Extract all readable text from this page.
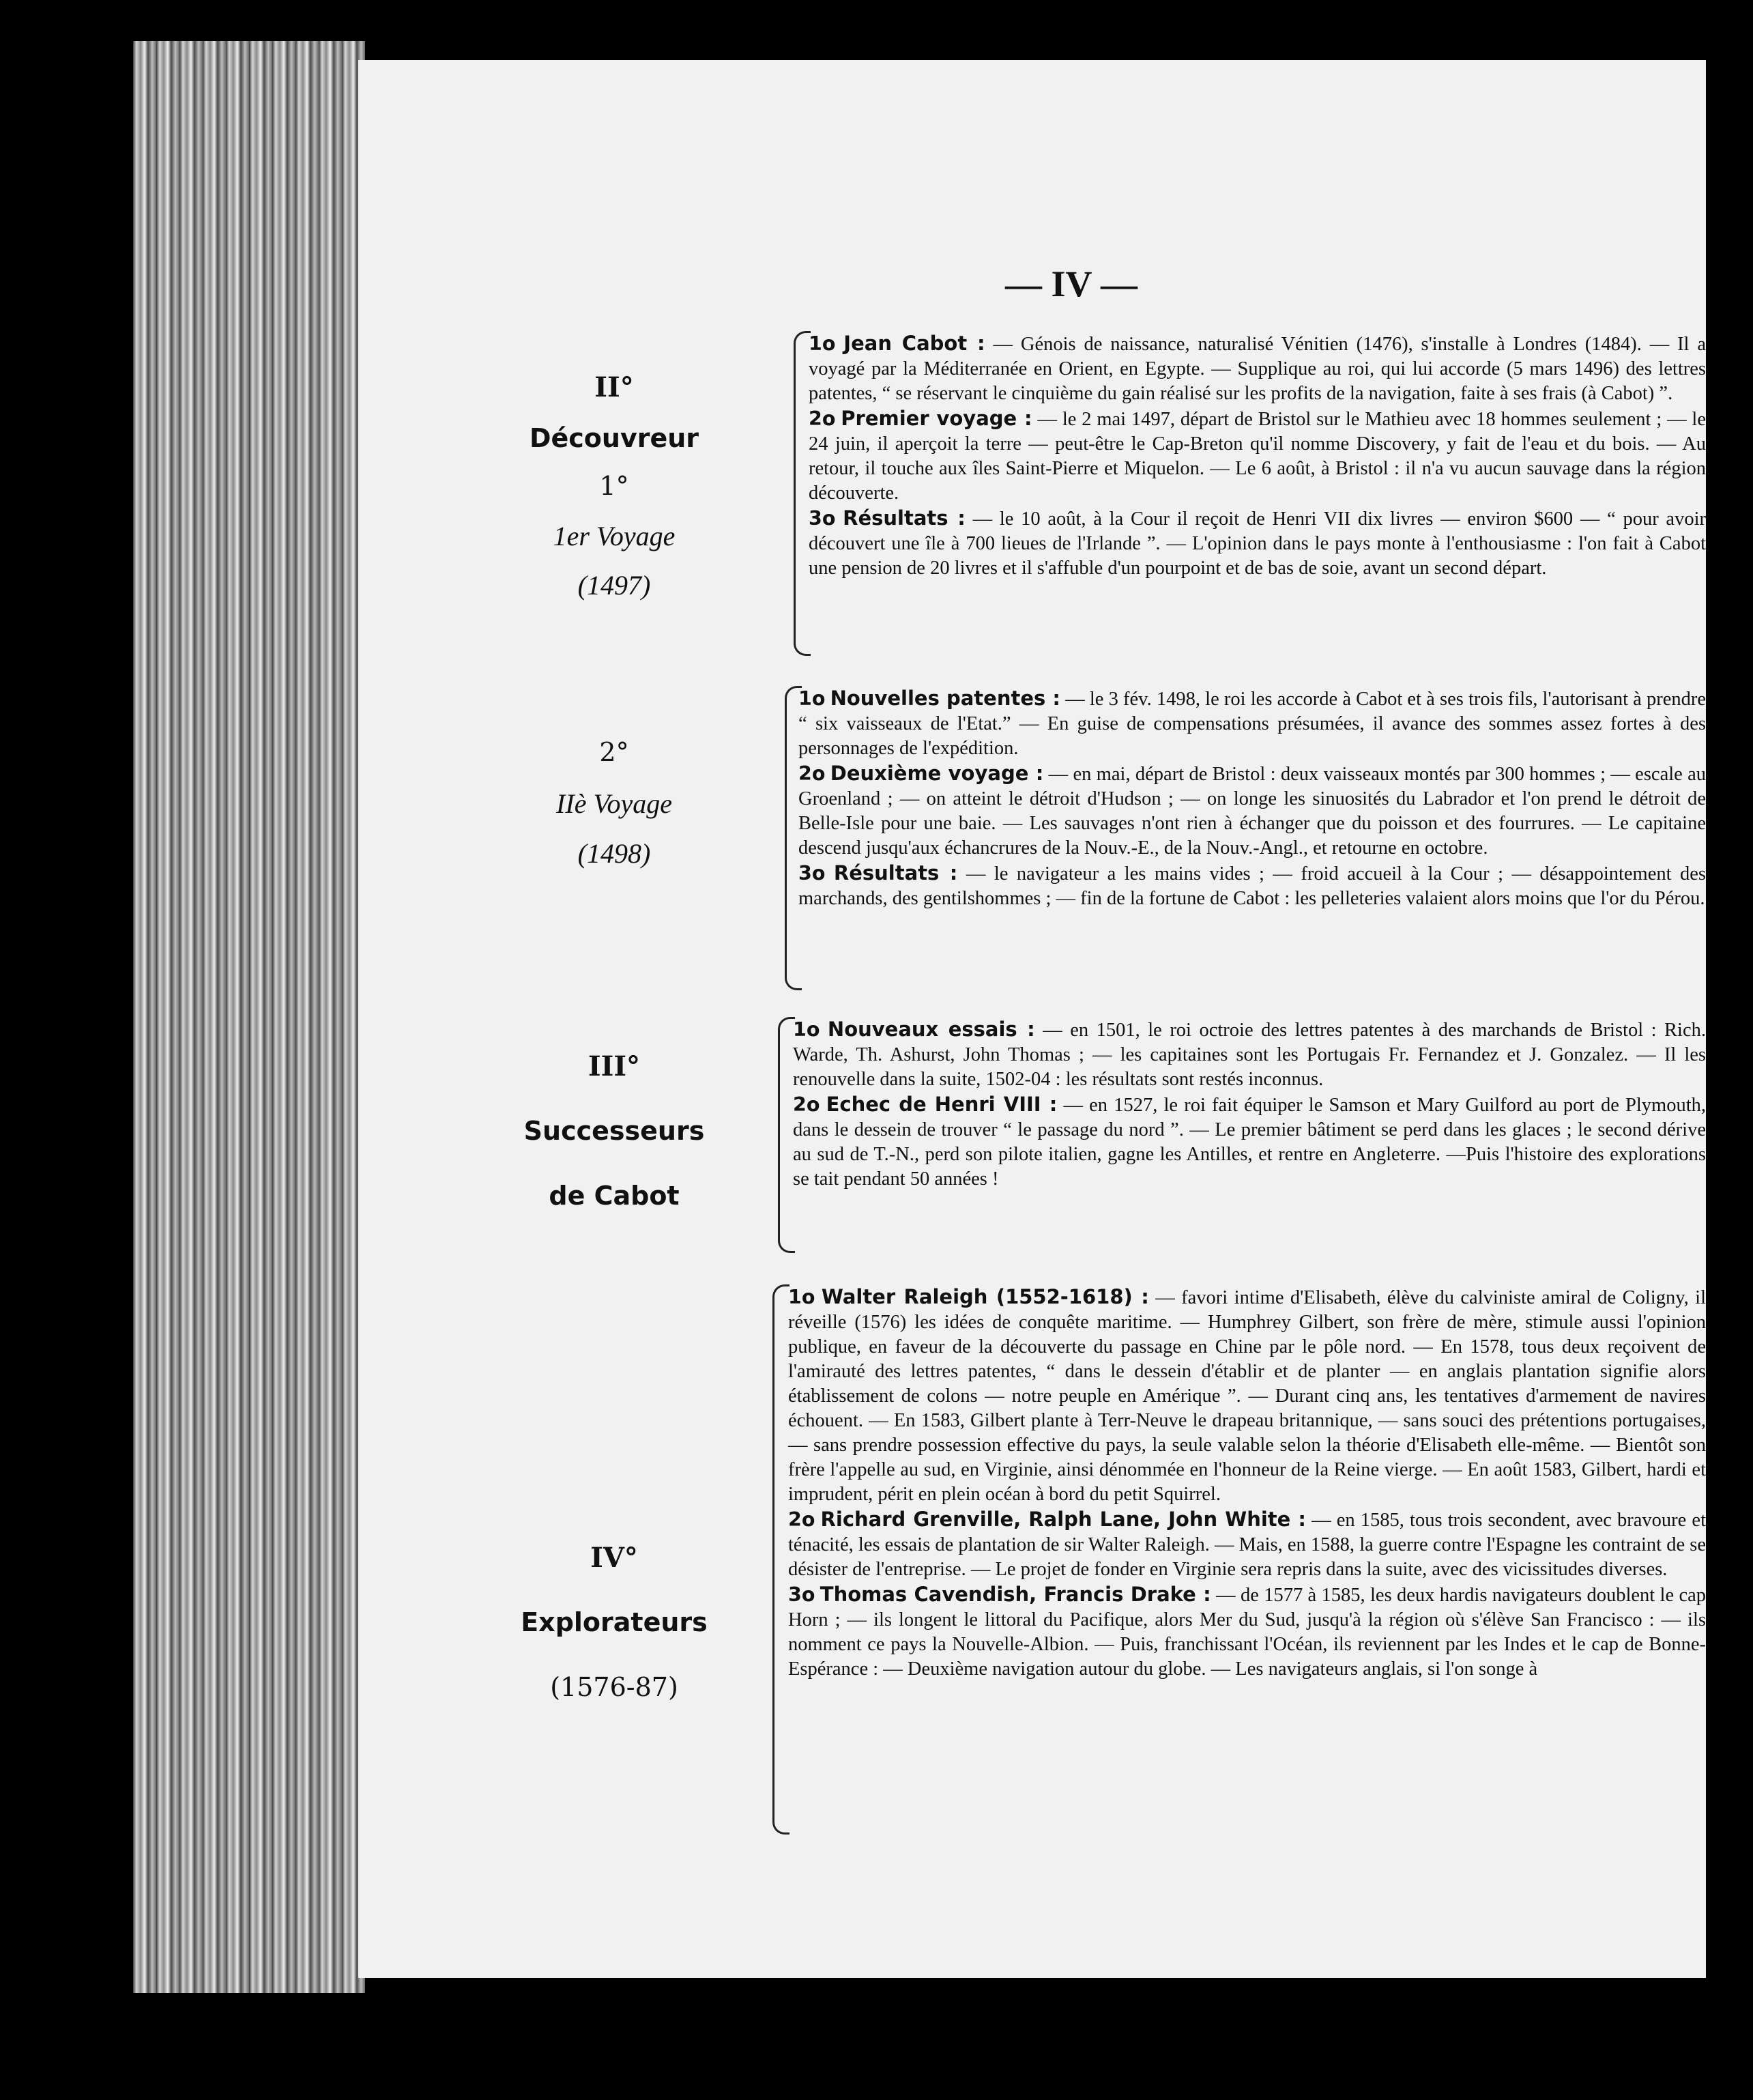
— IV —
II°
Découvreur
1°
1er Voyage
(1497)

1o Jean Cabot : — Génois de naissance, naturalisé Vénitien (1476), s'installe à Londres (1484). — Il a voyagé par la Méditerranée en Orient, en Egypte. — Supplique au roi, qui lui accorde (5 mars 1496) des lettres patentes, “ se réservant le cinquième du gain réalisé sur les profits de la navigation, faite à ses frais (à Cabot) ”.

2o Premier voyage : — le 2 mai 1497, départ de Bristol sur le Mathieu avec 18 hommes seulement ; — le 24 juin, il aperçoit la terre — peut-être le Cap-Breton qu'il nomme Discovery, y fait de l'eau et du bois. — Au retour, il touche aux îles Saint-Pierre et Miquelon. — Le 6 août, à Bristol : il n'a vu aucun sauvage dans la région découverte.

3o Résultats : — le 10 août, à la Cour il reçoit de Henri VII dix livres — environ $600 — “ pour avoir découvert une île à 700 lieues de l'Irlande ”. — L'opinion dans le pays monte à l'enthousiasme : l'on fait à Cabot une pension de 20 livres et il s'affuble d'un pourpoint et de bas de soie, avant un second départ.

2°
IIè Voyage
(1498)

1o Nouvelles patentes : — le 3 fév. 1498, le roi les accorde à Cabot et à ses trois fils, l'autorisant à prendre “ six vaisseaux de l'Etat.” — En guise de compensations présumées, il avance des sommes assez fortes à des personnages de l'expédition.

2o Deuxième voyage : — en mai, départ de Bristol : deux vaisseaux montés par 300 hommes ; — escale au Groenland ; — on atteint le détroit d'Hudson ; — on longe les sinuosités du Labrador et l'on prend le détroit de Belle-Isle pour une baie. — Les sauvages n'ont rien à échanger que du poisson et des fourrures. — Le capitaine descend jusqu'aux échancrures de la Nouv.-E., de la Nouv.-Angl., et retourne en octobre.

3o Résultats : — le navigateur a les mains vides ; — froid accueil à la Cour ; — désappointement des marchands, des gentilshommes ; — fin de la fortune de Cabot : les pelleteries valaient alors moins que l'or du Pérou.

III°
Successeurs
de Cabot

1o Nouveaux essais : — en 1501, le roi octroie des lettres patentes à des marchands de Bristol : Rich. Warde, Th. Ashurst, John Thomas ; — les capitaines sont les Portugais Fr. Fernandez et J. Gonzalez. — Il les renouvelle dans la suite, 1502-04 : les résultats sont restés inconnus.

2o Echec de Henri VIII : — en 1527, le roi fait équiper le Samson et Mary Guilford au port de Plymouth, dans le dessein de trouver “ le passage du nord ”. — Le premier bâtiment se perd dans les glaces ; le second dérive au sud de T.-N., perd son pilote italien, gagne les Antilles, et rentre en Angleterre. —Puis l'histoire des explorations se tait pendant 50 années !

IV°
Explorateurs
(1576-87)

1o Walter Raleigh (1552-1618) : — favori intime d'Elisabeth, élève du calviniste amiral de Coligny, il réveille (1576) les idées de conquête maritime. — Humphrey Gilbert, son frère de mère, stimule aussi l'opinion publique, en faveur de la découverte du passage en Chine par le pôle nord. — En 1578, tous deux reçoivent de l'amirauté des lettres patentes, “ dans le dessein d'établir et de planter — en anglais plantation signifie alors établissement de colons — notre peuple en Amérique ”. — Durant cinq ans, les tentatives d'armement de navires échouent. — En 1583, Gilbert plante à Terr-Neuve le drapeau britannique, — sans souci des prétentions portugaises, — sans prendre possession effective du pays, la seule valable selon la théorie d'Elisabeth elle-même. — Bientôt son frère l'appelle au sud, en Virginie, ainsi dénommée en l'honneur de la Reine vierge. — En août 1583, Gilbert, hardi et imprudent, périt en plein océan à bord du petit Squirrel.

2o Richard Grenville, Ralph Lane, John White : — en 1585, tous trois secondent, avec bravoure et ténacité, les essais de plantation de sir Walter Raleigh. — Mais, en 1588, la guerre contre l'Espagne les contraint de se désister de l'entreprise. — Le projet de fonder en Virginie sera repris dans la suite, avec des vicissitudes diverses.

3o Thomas Cavendish, Francis Drake : — de 1577 à 1585, les deux hardis navigateurs doublent le cap Horn ; — ils longent le littoral du Pacifique, alors Mer du Sud, jusqu'à la région où s'élève San Francisco : — ils nomment ce pays la Nouvelle-Albion. — Puis, franchissant l'Océan, ils reviennent par les Indes et le cap de Bonne-Espérance : — Deuxième navigation autour du globe. — Les navigateurs anglais, si l'on songe à
